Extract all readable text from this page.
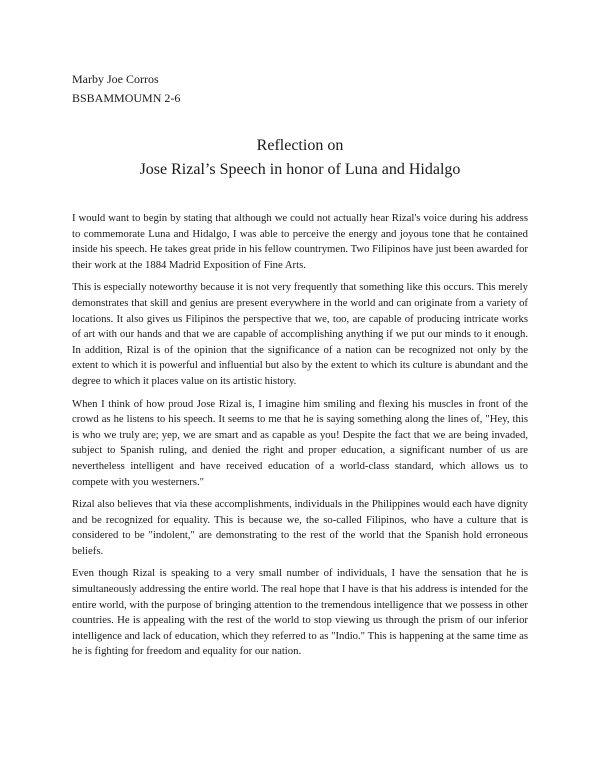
Marby Joe Corros
BSBAMMOUMN 2-6
Reflection on
Jose Rizal’s Speech in honor of Luna and Hidalgo

I would want to begin by stating that although we could not actually hear Rizal's voice during his address to commemorate Luna and Hidalgo, I was able to perceive the energy and joyous tone that he contained inside his speech. He takes great pride in his fellow countrymen. Two Filipinos have just been awarded for their work at the 1884 Madrid Exposition of Fine Arts.

This is especially noteworthy because it is not very frequently that something like this occurs. This merely demonstrates that skill and genius are present everywhere in the world and can originate from a variety of locations. It also gives us Filipinos the perspective that we, too, are capable of producing intricate works of art with our hands and that we are capable of accomplishing anything if we put our minds to it enough. In addition, Rizal is of the opinion that the significance of a nation can be recognized not only by the extent to which it is powerful and influential but also by the extent to which its culture is abundant and the degree to which it places value on its artistic history.

When I think of how proud Jose Rizal is, I imagine him smiling and flexing his muscles in front of the crowd as he listens to his speech. It seems to me that he is saying something along the lines of, "Hey, this is who we truly are; yep, we are smart and as capable as you! Despite the fact that we are being invaded, subject to Spanish ruling, and denied the right and proper education, a significant number of us are nevertheless intelligent and have received education of a world-class standard, which allows us to compete with you westerners."

Rizal also believes that via these accomplishments, individuals in the Philippines would each have dignity and be recognized for equality. This is because we, the so-called Filipinos, who have a culture that is considered to be "indolent," are demonstrating to the rest of the world that the Spanish hold erroneous beliefs.

Even though Rizal is speaking to a very small number of individuals, I have the sensation that he is simultaneously addressing the entire world. The real hope that I have is that his address is intended for the entire world, with the purpose of bringing attention to the tremendous intelligence that we possess in other countries. He is appealing with the rest of the world to stop viewing us through the prism of our inferior intelligence and lack of education, which they referred to as "Indio." This is happening at the same time as he is fighting for freedom and equality for our nation.
